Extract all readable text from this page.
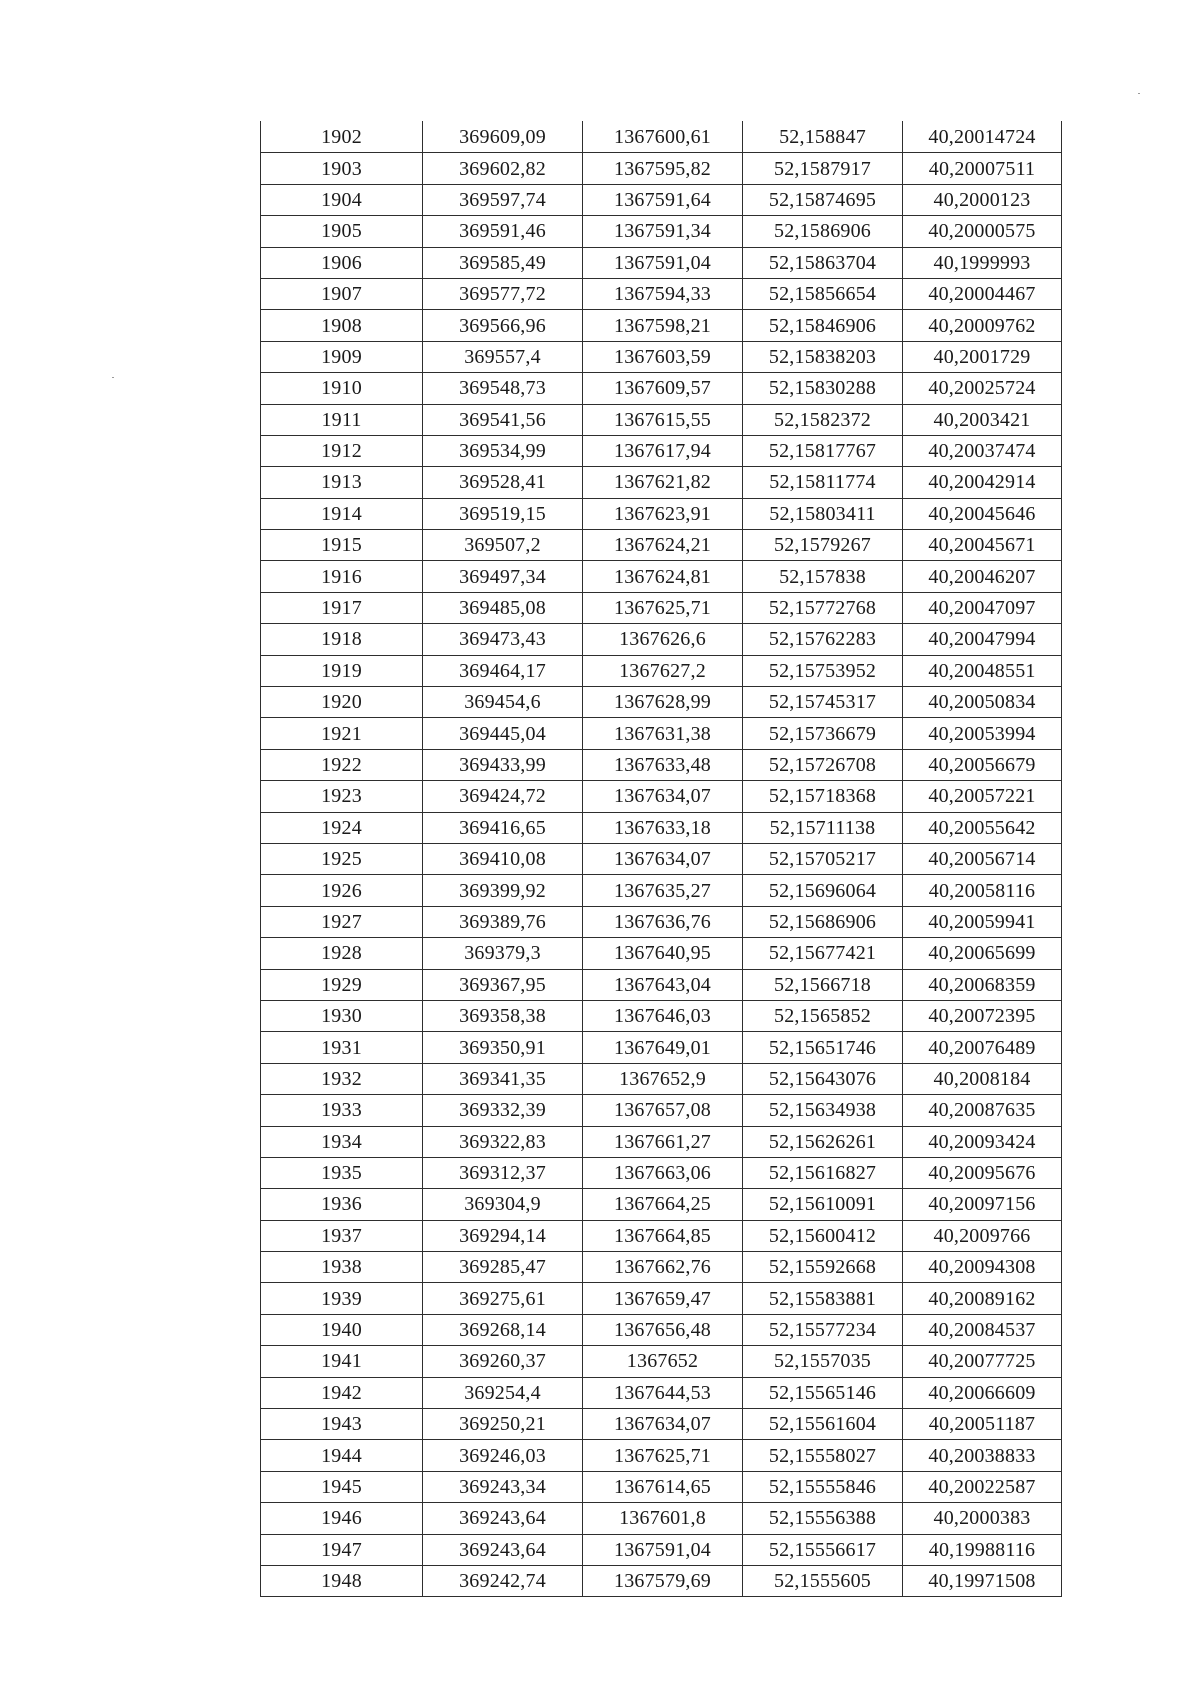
1902	369609,09	1367600,61	52,158847	40,20014724
1903	369602,82	1367595,82	52,1587917	40,20007511
1904	369597,74	1367591,64	52,15874695	40,2000123
1905	369591,46	1367591,34	52,1586906	40,20000575
1906	369585,49	1367591,04	52,15863704	40,1999993
1907	369577,72	1367594,33	52,15856654	40,20004467
1908	369566,96	1367598,21	52,15846906	40,20009762
1909	369557,4	1367603,59	52,15838203	40,2001729
1910	369548,73	1367609,57	52,15830288	40,20025724
1911	369541,56	1367615,55	52,1582372	40,2003421
1912	369534,99	1367617,94	52,15817767	40,20037474
1913	369528,41	1367621,82	52,15811774	40,20042914
1914	369519,15	1367623,91	52,15803411	40,20045646
1915	369507,2	1367624,21	52,1579267	40,20045671
1916	369497,34	1367624,81	52,157838	40,20046207
1917	369485,08	1367625,71	52,15772768	40,20047097
1918	369473,43	1367626,6	52,15762283	40,20047994
1919	369464,17	1367627,2	52,15753952	40,20048551
1920	369454,6	1367628,99	52,15745317	40,20050834
1921	369445,04	1367631,38	52,15736679	40,20053994
1922	369433,99	1367633,48	52,15726708	40,20056679
1923	369424,72	1367634,07	52,15718368	40,20057221
1924	369416,65	1367633,18	52,15711138	40,20055642
1925	369410,08	1367634,07	52,15705217	40,20056714
1926	369399,92	1367635,27	52,15696064	40,20058116
1927	369389,76	1367636,76	52,15686906	40,20059941
1928	369379,3	1367640,95	52,15677421	40,20065699
1929	369367,95	1367643,04	52,1566718	40,20068359
1930	369358,38	1367646,03	52,1565852	40,20072395
1931	369350,91	1367649,01	52,15651746	40,20076489
1932	369341,35	1367652,9	52,15643076	40,2008184
1933	369332,39	1367657,08	52,15634938	40,20087635
1934	369322,83	1367661,27	52,15626261	40,20093424
1935	369312,37	1367663,06	52,15616827	40,20095676
1936	369304,9	1367664,25	52,15610091	40,20097156
1937	369294,14	1367664,85	52,15600412	40,2009766
1938	369285,47	1367662,76	52,15592668	40,20094308
1939	369275,61	1367659,47	52,15583881	40,20089162
1940	369268,14	1367656,48	52,15577234	40,20084537
1941	369260,37	1367652	52,1557035	40,20077725
1942	369254,4	1367644,53	52,15565146	40,20066609
1943	369250,21	1367634,07	52,15561604	40,20051187
1944	369246,03	1367625,71	52,15558027	40,20038833
1945	369243,34	1367614,65	52,15555846	40,20022587
1946	369243,64	1367601,8	52,15556388	40,2000383
1947	369243,64	1367591,04	52,15556617	40,19988116
1948	369242,74	1367579,69	52,1555605	40,19971508
